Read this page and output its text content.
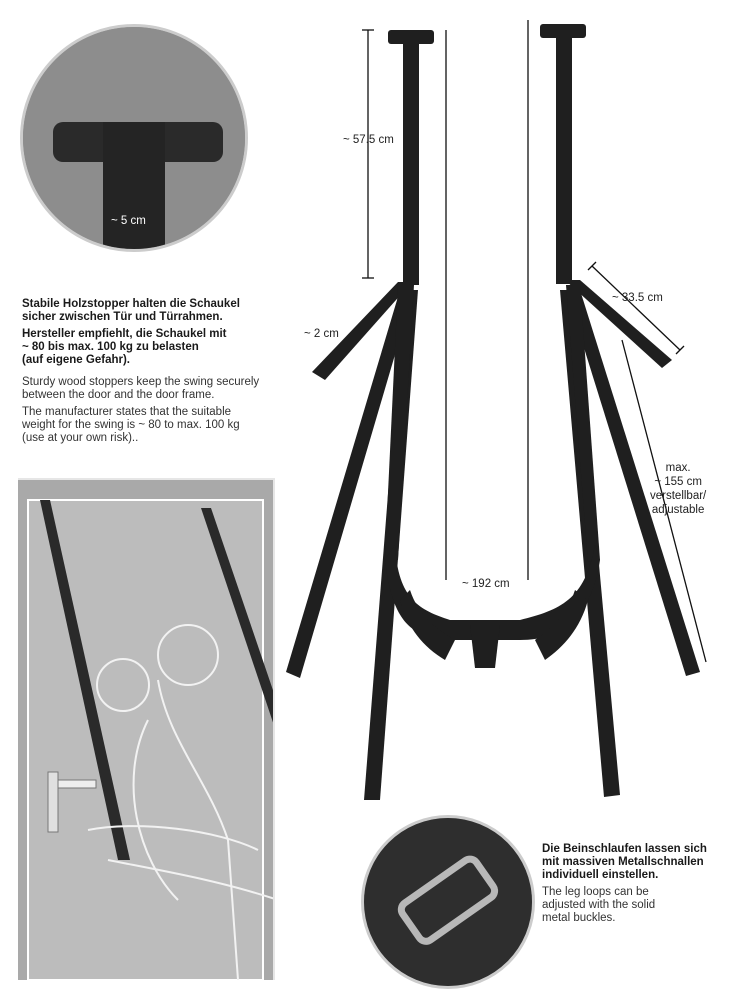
~ 5 cm
~ 57.5 cm
~ 33.5 cm
~ 2 cm
max.
~ 155 cm
verstellbar/
adjustable
~ 192 cm
Stabile Holzstopper halten die Schaukel
sicher zwischen Tür und Türrahmen.
Hersteller empfiehlt, die Schaukel mit
~ 80 bis max. 100 kg zu belasten
(auf eigene Gefahr).
Sturdy wood stoppers keep the swing securely
between the door and the door frame.
The manufacturer states that the suitable
weight for the swing is ~ 80 to max. 100 kg
(use at your own risk)..
Die Beinschlaufen lassen sich
mit massiven Metallschnallen
individuell einstellen.
The leg loops can be
adjusted with the solid
metal buckles.
